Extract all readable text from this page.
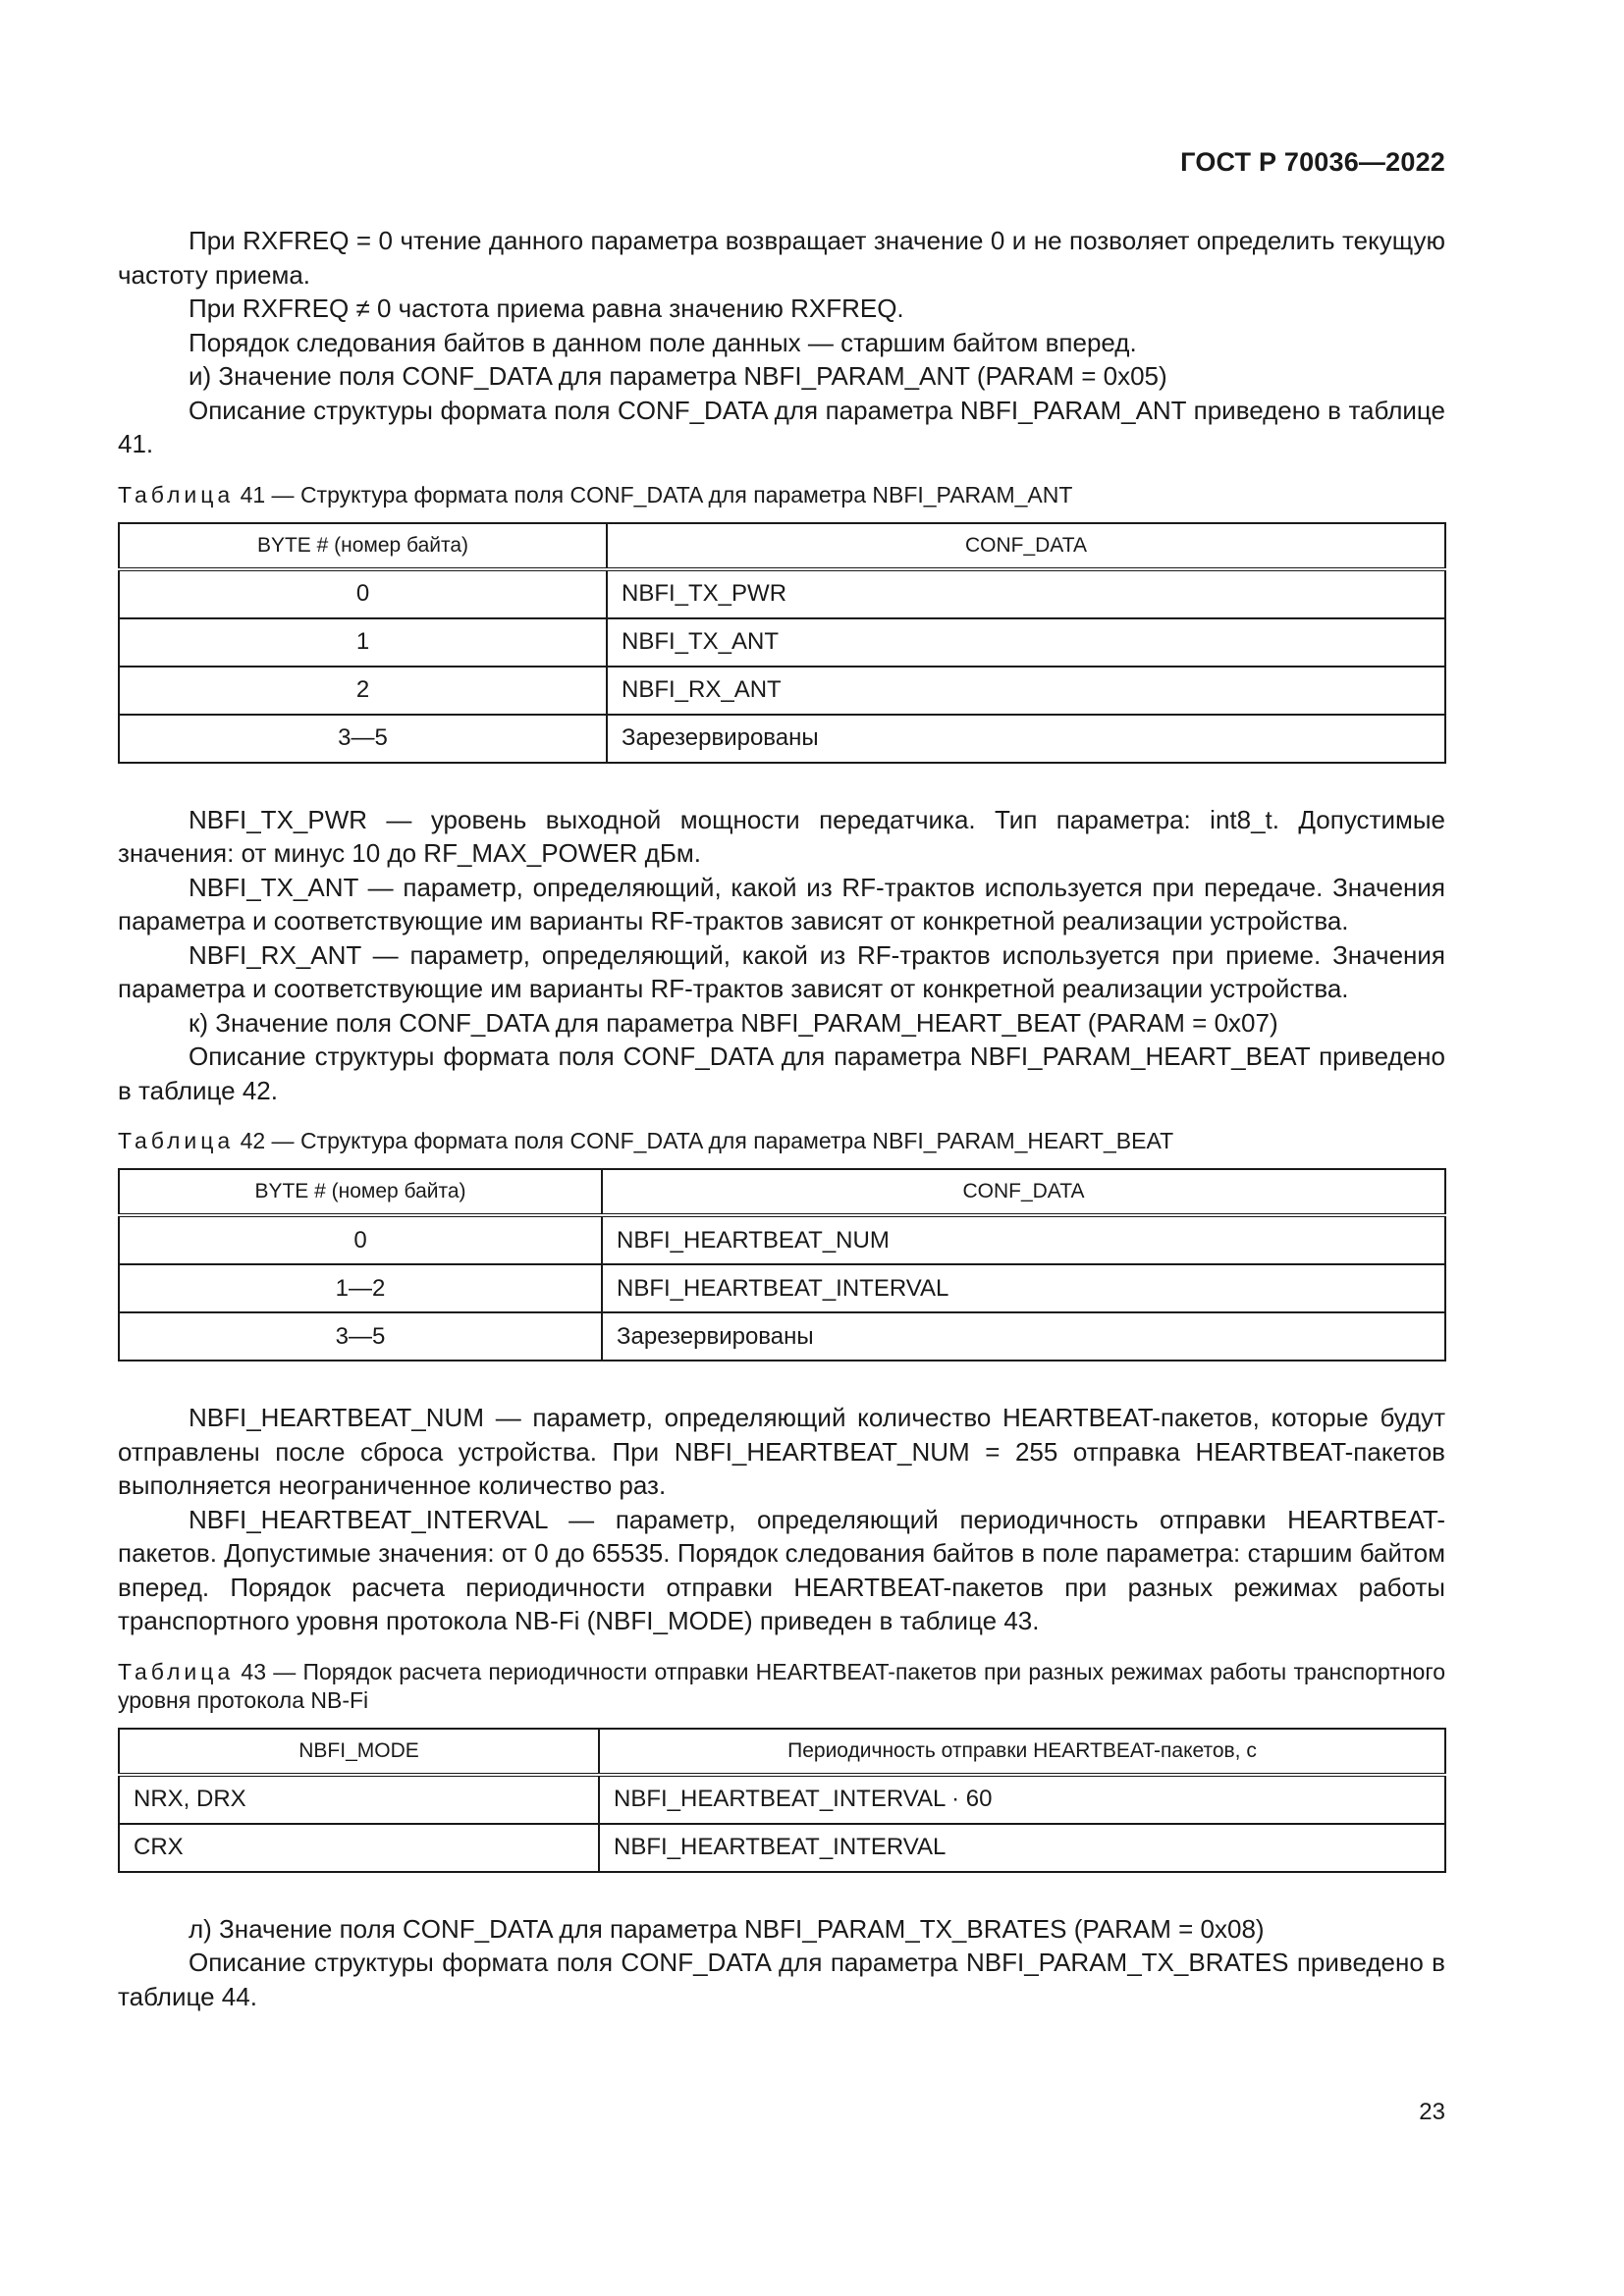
ГОСТ Р 70036—2022

При RXFREQ = 0 чтение данного параметра возвращает значение 0 и не позволяет определить текущую частоту приема.

При RXFREQ ≠ 0 частота приема равна значению RXFREQ.

Порядок следования байтов в данном поле данных — старшим байтом вперед.

и) Значение поля CONF_DATA для параметра NBFI_PARAM_ANT (PARAM = 0x05)

Описание структуры формата поля CONF_DATA для параметра NBFI_PARAM_ANT приведено в таблице 41.

Таблица 41 — Структура формата поля CONF_DATA для параметра NBFI_PARAM_ANT
BYTE # (номер байта)	CONF_DATA
0	NBFI_TX_PWR
1	NBFI_TX_ANT
2	NBFI_RX_ANT
3—5	Зарезервированы

NBFI_TX_PWR — уровень выходной мощности передатчика. Тип параметра: int8_t. Допустимые значения: от минус 10 до RF_MAX_POWER дБм.

NBFI_TX_ANT — параметр, определяющий, какой из RF-трактов используется при передаче. Значения параметра и соответствующие им варианты RF-трактов зависят от конкретной реализации устройства.

NBFI_RX_ANT — параметр, определяющий, какой из RF-трактов используется при приеме. Значения параметра и соответствующие им варианты RF-трактов зависят от конкретной реализации устройства.

к) Значение поля CONF_DATA для параметра NBFI_PARAM_HEART_BEAT (PARAM = 0x07)

Описание структуры формата поля CONF_DATA для параметра NBFI_PARAM_HEART_BEAT приведено в таблице 42.

Таблица 42 — Структура формата поля CONF_DATA для параметра NBFI_PARAM_HEART_BEAT
BYTE # (номер байта)	CONF_DATA
0	NBFI_HEARTBEAT_NUM
1—2	NBFI_HEARTBEAT_INTERVAL
3—5	Зарезервированы

NBFI_HEARTBEAT_NUM — параметр, определяющий количество HEARTBEAT-пакетов, которые будут отправлены после сброса устройства. При NBFI_HEARTBEAT_NUM = 255 отправка HEARTBEAT-пакетов выполняется неограниченное количество раз.

NBFI_HEARTBEAT_INTERVAL — параметр, определяющий периодичность отправки HEARTBEAT-пакетов. Допустимые значения: от 0 до 65535. Порядок следования байтов в поле параметра: старшим байтом вперед. Порядок расчета периодичности отправки HEARTBEAT-пакетов при разных режимах работы транспортного уровня протокола NB-Fi (NBFI_MODE) приведен в таблице 43.

Таблица 43 — Порядок расчета периодичности отправки HEARTBEAT-пакетов при разных режимах работы транспортного уровня протокола NB-Fi
NBFI_MODE	Периодичность отправки HEARTBEAT-пакетов, с
NRX, DRX	NBFI_HEARTBEAT_INTERVAL · 60
CRX	NBFI_HEARTBEAT_INTERVAL

л) Значение поля CONF_DATA для параметра NBFI_PARAM_TX_BRATES (PARAM = 0x08)

Описание структуры формата поля CONF_DATA для параметра NBFI_PARAM_TX_BRATES приведено в таблице 44.

23
